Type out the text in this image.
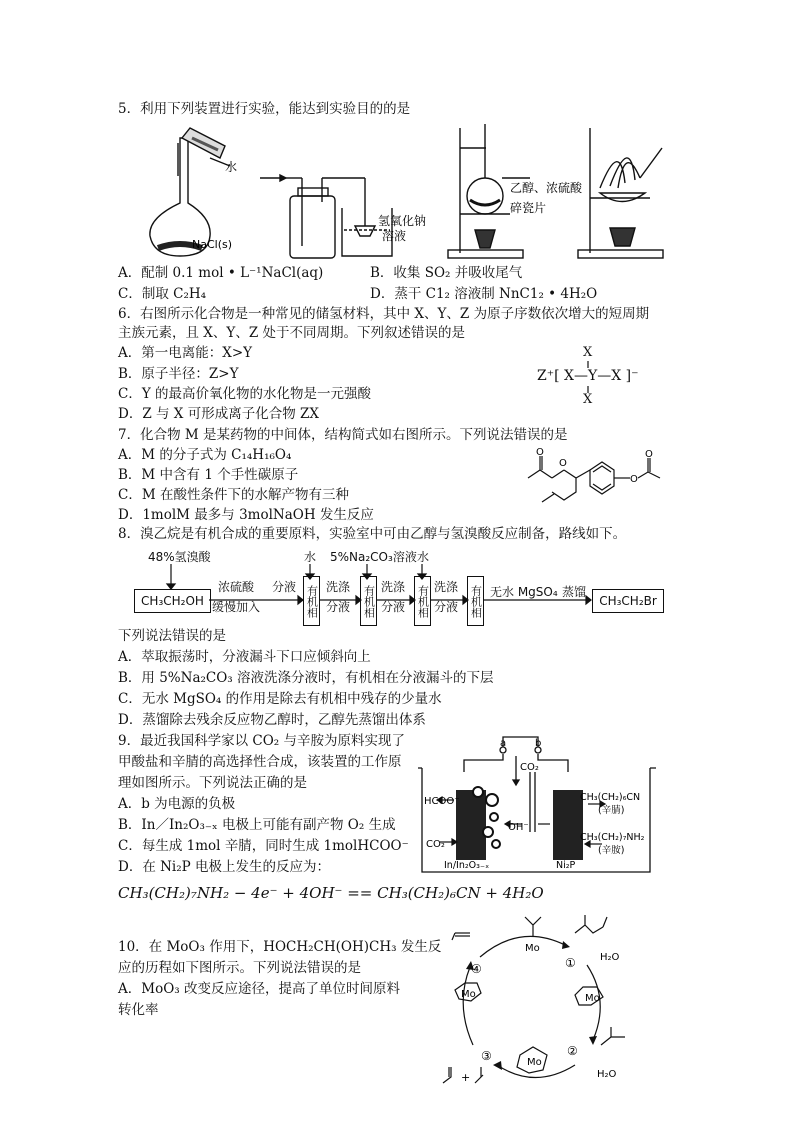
5．利用下列装置进行实验，能达到实验目的的是
水
NaCl(s)
氢氧化钠
溶液
乙醇、浓硫酸
碎瓷片
A．配制 0.1 mol • L⁻¹NaCl(aq)	B．收集 SO₂ 并吸收尾气
C．制取 C₂H₄	D．蒸干 C1₂ 溶液制 NnC1₂ • 4H₂O
6．右图所示化合物是一种常见的储氢材料，其中 X、Y、Z 为原子序数依次增大的短周期
主族元素，且 X、Y、Z 处于不同周期。下列叙述错误的是
A．第一电离能：X>Y
B．原子半径：Z>Y
C．Y 的最高价氧化物的水化物是一元强酸
D．Z 与 X 可形成离子化合物 ZX
X
Z⁺[ X—Y—X ]⁻
X
7．化合物 M 是某药物的中间体，结构简式如右图所示。下列说法错误的是
A．M 的分子式为 C₁₄H₁₆O₄
B．M 中含有 1 个手性碳原子
C．M 在酸性条件下的水解产物有三种
D．1molM 最多与 3molNaOH 发生反应
O
O
O
O
8．溴乙烷是有机合成的重要原料，实验室中可由乙醇与氢溴酸反应制备，路线如下。
48%氢溴酸	水 5%Na₂CO₃溶液 水
CH₃CH₂OH
浓硫酸
缓慢加入
分液 有机相 洗涤
分液 有机相 洗涤
分液 有机相 洗涤
分液 有机相 无水 MgSO₄ 蒸馏
CH₃CH₂Br
下列说法错误的是
A．萃取振荡时，分液漏斗下口应倾斜向上
B．用 5%Na₂CO₃ 溶液洗涤分液时，有机相在分液漏斗的下层
C．无水 MgSO₄ 的作用是除去有机相中残存的少量水
D．蒸馏除去残余反应物乙醇时，乙醇先蒸馏出体系
9．最近我国科学家以 CO₂ 与辛胺为原料实现了
甲酸盐和辛腈的高选择性合成，该装置的工作原
理如图所示。下列说法正确的是
A．b 为电源的负极
B．In／In₂O₃₋ₓ 电极上可能有副产物 O₂ 生成
C．每生成 1mol 辛腈，同时生成 1molHCOO⁻
D．在 Ni₂P 电极上发生的反应为：
CH₃(CH₂)₇NH₂ − 4e⁻ + 4OH⁻ == CH₃(CH₂)₆CN + 4H₂O
a	b
CO₂
HCOO⁻
CO₂
OH⁻
In/In₂O₃₋ₓ	Ni₂P
CH₃(CH₂)₆CN
(辛腈)
CH₃(CH₂)₇NH₂
(辛胺)
10．在 MoO₃ 作用下，HOCH₂CH(OH)CH₃ 发生反
应的历程如下图所示。下列说法错误的是
A．MoO₃ 改变反应途径，提高了单位时间原料
转化率
Mo
Mo
Mo
Mo
①
②
③
④
H₂O
H₂O
+
